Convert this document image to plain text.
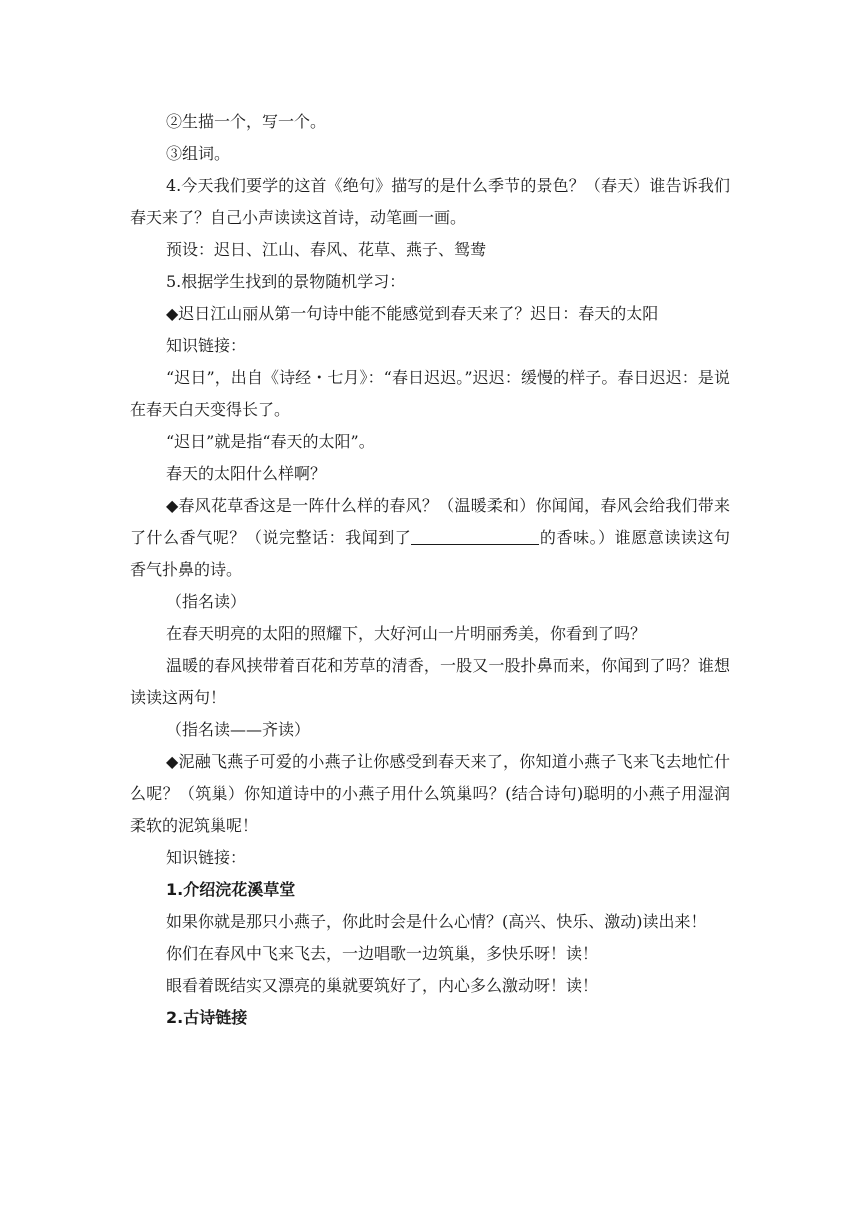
②生描一个，写一个。

③组词。

4.今天我们要学的这首《绝句》描写的是什么季节的景色？（春天）谁告诉我们春天来了？自己小声读读这首诗，动笔画一画。

预设：迟日、江山、春风、花草、燕子、鸳鸯

5.根据学生找到的景物随机学习：

◆迟日江山丽从第一句诗中能不能感觉到春天来了？迟日：春天的太阳

知识链接：

“迟日”，出自《诗经・七月》：“春日迟迟。”迟迟：缓慢的样子。春日迟迟：是说在春天白天变得长了。

“迟日”就是指“春天的太阳”。

春天的太阳什么样啊？

◆春风花草香这是一阵什么样的春风？（温暖柔和）你闻闻，春风会给我们带来了什么香气呢？（说完整话：我闻到了	的香味。）谁愿意读读这句香气扑鼻的诗。

（指名读）

在春天明亮的太阳的照耀下，大好河山一片明丽秀美，你看到了吗？

温暖的春风挟带着百花和芳草的清香，一股又一股扑鼻而来，你闻到了吗？谁想读读这两句！

（指名读——齐读）

◆泥融飞燕子可爱的小燕子让你感受到春天来了，你知道小燕子飞来飞去地忙什么呢？（筑巢）你知道诗中的小燕子用什么筑巢吗？(结合诗句)聪明的小燕子用湿润柔软的泥筑巢呢！

知识链接：

1.介绍浣花溪草堂

如果你就是那只小燕子，你此时会是什么心情？(高兴、快乐、激动)读出来！

你们在春风中飞来飞去，一边唱歌一边筑巢，多快乐呀！读！

眼看着既结实又漂亮的巢就要筑好了，内心多么激动呀！读！

2.古诗链接
